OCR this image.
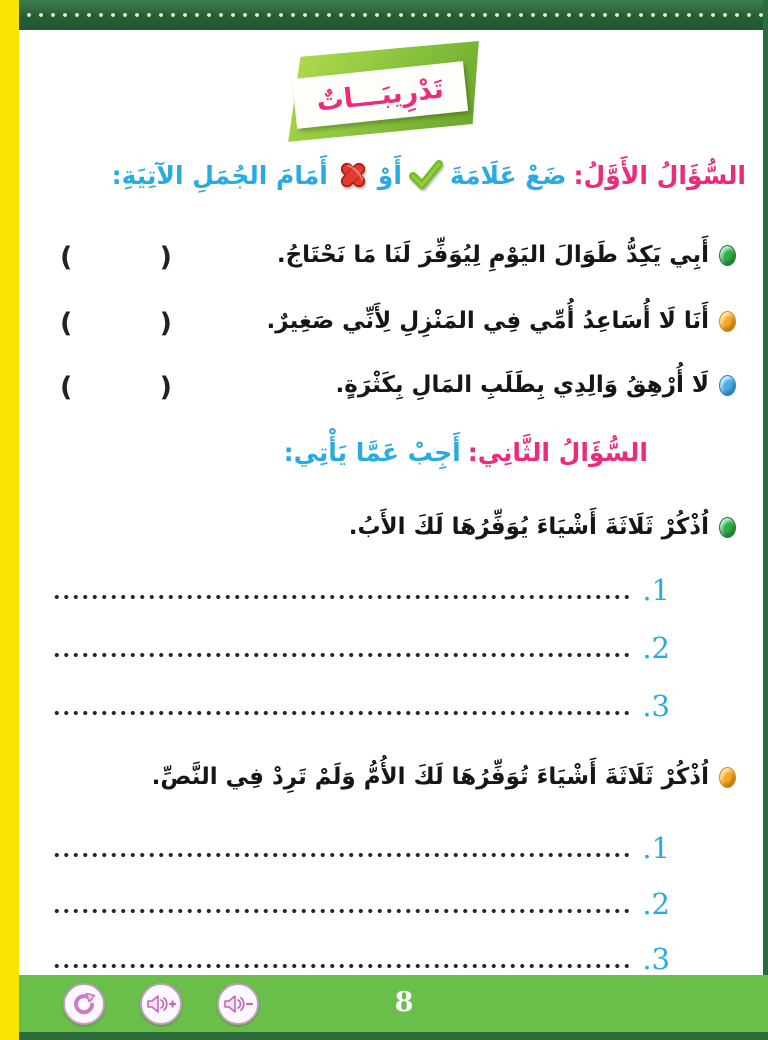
تَدْرِيبَـــاتٌ
السُّؤَالُ الأَوَّلُ:
ضَعْ عَلَامَةَ
أَوْ
أَمَامَ الجُمَلِ الآتِيَةِ:
أَبِي يَكِدُّ طَوَالَ اليَوْمِ لِيُوَفِّرَ لَنَا مَا نَحْتَاجُ.
(	)
أَنَا لَا أُسَاعِدُ أُمِّي فِي المَنْزِلِ لِأَنِّي صَغِيرٌ.
(	)
لَا أُرْهِقُ وَالِدِي بِطَلَبِ المَالِ بِكَثْرَةٍ.
(	)
السُّؤَالُ الثَّانِي:
أَجِبْ عَمَّا يَأْتِي:
اُذْكُرْ ثَلَاثَةَ أَشْيَاءَ يُوَفِّرُهَا لَكَ الأَبُ.
.1
.2
.3
اُذْكُرْ ثَلَاثَةَ أَشْيَاءَ تُوَفِّرُهَا لَكَ الأُمُّ وَلَمْ تَرِدْ فِي النَّصِّ.
.1
.2
.3
8
